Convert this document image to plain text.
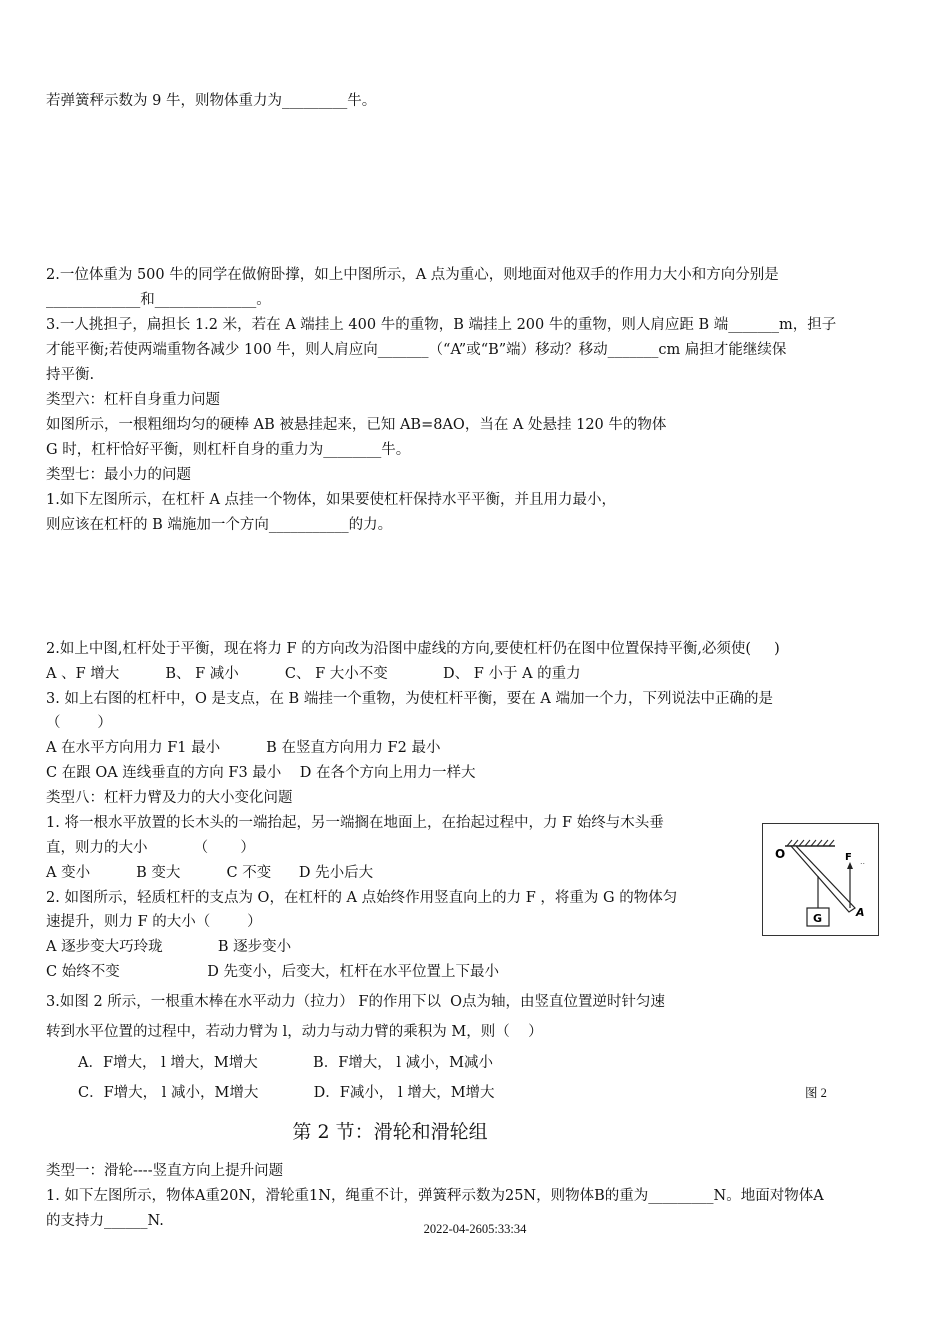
若弹簧秤示数为 9 牛，则物体重力为_________牛。
2.一位体重为 500 牛的同学在做俯卧撑，如上中图所示，A 点为重心，则地面对他双手的作用力大小和方向分别是
_____________和______________。
3.一人挑担子，扁担长 1.2 米，若在 A 端挂上 400 牛的重物，B 端挂上 200 牛的重物，则人肩应距 B 端_______m，担子
才能平衡;若使两端重物各减少 100 牛，则人肩应向_______（“A”或“B”端）移动？移动_______cm 扁担才能继续保
持平衡.
类型六：杠杆自身重力问题
如图所示，一根粗细均匀的硬棒 AB 被悬挂起来，已知 AB=8AO，当在 A 处悬挂 120 牛的物体
G 时，杠杆恰好平衡，则杠杆自身的重力为________牛。
类型七：最小力的问题
1.如下左图所示，在杠杆 A 点挂一个物体，如果要使杠杆保持水平平衡，并且用力最小，
则应该在杠杆的 B 端施加一个方向___________的力。
2.如上中图,杠杆处于平衡，现在将力 F 的方向改为沿图中虚线的方向,要使杠杆仍在图中位置保持平衡,必须使(     )
A 、F 增大          B、 F 减小          C、 F 大小不变            D、 F 小于 A 的重力
3. 如上右图的杠杆中，O 是支点，在 B 端挂一个重物，为使杠杆平衡，要在 A 端加一个力，下列说法中正确的是
（        ）
A 在水平方向用力 F1 最小          B 在竖直方向用力 F2 最小
C 在跟 OA 连线垂直的方向 F3 最小    D 在各个方向上用力一样大
类型八：杠杆力臂及力的大小变化问题
1. 将一根水平放置的长木头的一端抬起，另一端搁在地面上，在抬起过程中，力 F 始终与木头垂
直，则力的大小          （       ）
A 变小          B 变大          C 不变      D 先小后大
2. 如图所示，轻质杠杆的支点为 O，在杠杆的 A 点始终作用竖直向上的力 F ，将重为 G 的物体匀
速提升，则力 F 的大小（        ）
A 逐步变大巧玲珑            B 逐步变小
C 始终不变                   D 先变小，后变大，杠杆在水平位置上下最小
3.如图 2 所示，一根重木棒在水平动力（拉力） F的作用下以  O点为轴，由竖直位置逆时针匀速
转到水平位置的过程中，若动力臂为 l，动力与动力臂的乘积为 M，则（    ）
A．F增大， l 增大，M增大            B．F增大， l 减小，M减小
C．F增大， l 减小，M增大            D．F减小， l 增大，M增大	图 2
第 2 节：滑轮和滑轮组
类型一：滑轮----竖直方向上提升问题
1. 如下左图所示，物体A重20N，滑轮重1N，绳重不计，弹簧秤示数为25N，则物体B的重为_________N。地面对物体A
的支持力______N.
..
O	F
A
G
2022-04-2605:33:34
